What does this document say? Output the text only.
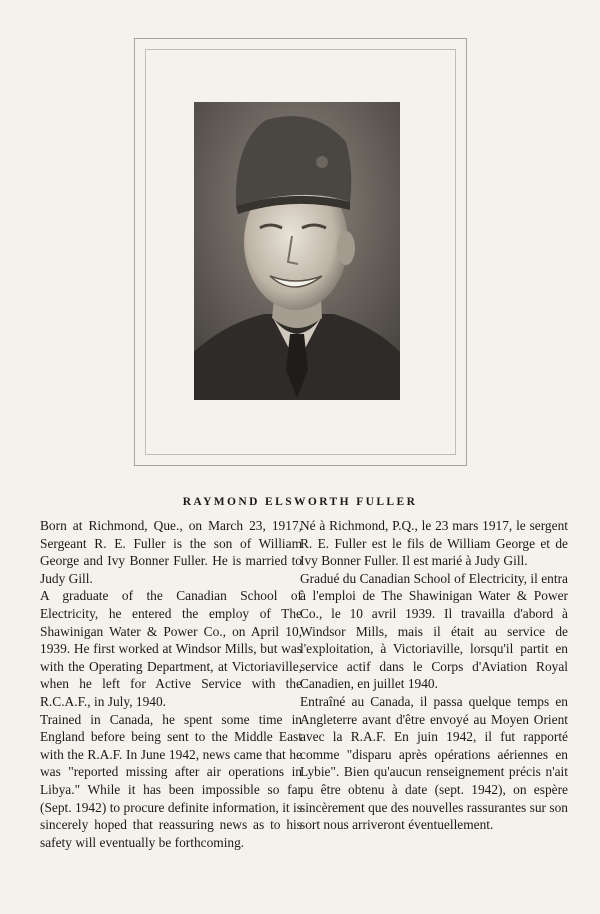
RAYMOND ELSWORTH FULLER

Born at Richmond, Que., on March 23, 1917, Sergeant R. E. Fuller is the son of William George and Ivy Bonner Fuller. He is married to Judy Gill.

A graduate of the Canadian School of Electricity, he entered the employ of The Shawinigan Water & Power Co., on April 10, 1939. He first worked at Windsor Mills, but was with the Operating Department, at Victoriaville, when he left for Active Service with the R.C.A.F., in July, 1940.

Trained in Canada, he spent some time in England before being sent to the Middle East with the R.A.F. In June 1942, news came that he was "reported missing after air operations in Libya." While it has been impossible so far (Sept. 1942) to procure definite information, it is sincerely hoped that reassuring news as to his safety will eventually be forthcoming.

Né à Richmond, P.Q., le 23 mars 1917, le sergent R. E. Fuller est le fils de William George et de Ivy Bonner Fuller. Il est marié à Judy Gill.

Gradué du Canadian School of Electricity, il entra à l'emploi de The Shawinigan Water & Power Co., le 10 avril 1939. Il travailla d'abord à Windsor Mills, mais il était au service de l'exploitation, à Victoriaville, lorsqu'il partit en service actif dans le Corps d'Aviation Royal Canadien, en juillet 1940.

Entraîné au Canada, il passa quelque temps en Angleterre avant d'être envoyé au Moyen Orient avec la R.A.F. En juin 1942, il fut rapporté comme "disparu après opérations aériennes en Lybie". Bien qu'aucun renseignement précis n'ait pu être obtenu à date (sept. 1942), on espère sincèrement que des nouvelles rassurantes sur son sort nous arriveront éventuellement.
